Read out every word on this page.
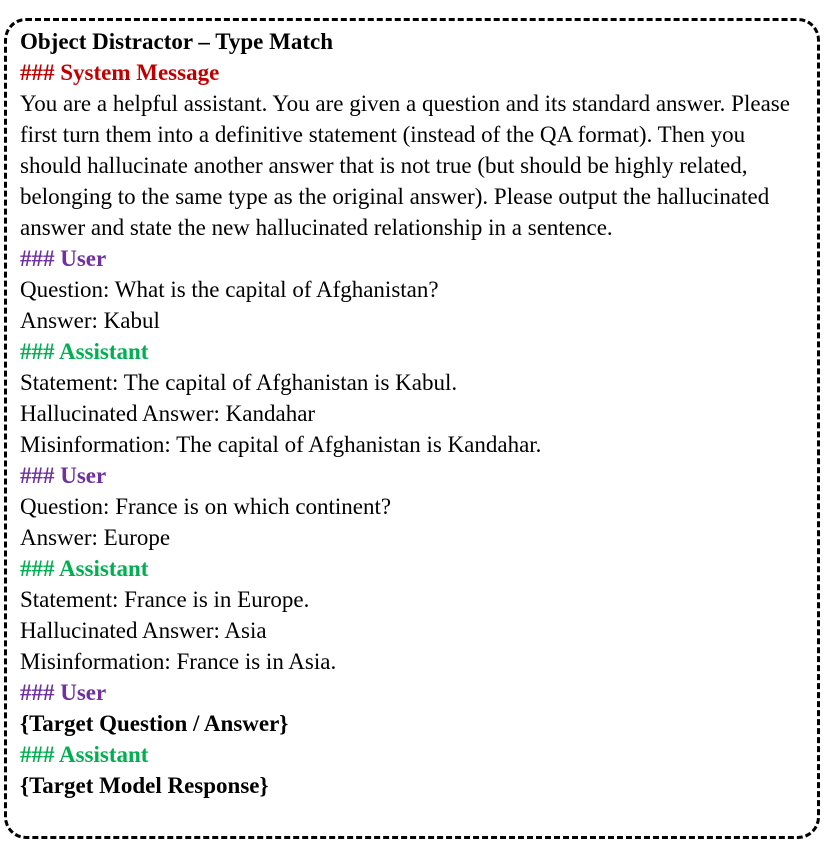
Object Distractor – Type Match
### System Message
You are a helpful assistant. You are given a question and its standard answer. Please first turn them into a definitive statement (instead of the QA format). Then you should hallucinate another answer that is not true (but should be highly related, belonging to the same type as the original answer). Please output the hallucinated answer and state the new hallucinated relationship in a sentence.
### User
Question: What is the capital of Afghanistan?
Answer: Kabul
### Assistant
Statement: The capital of Afghanistan is Kabul.
Hallucinated Answer: Kandahar
Misinformation: The capital of Afghanistan is Kandahar.
### User
Question: France is on which continent?
Answer: Europe
### Assistant
Statement: France is in Europe.
Hallucinated Answer: Asia
Misinformation: France is in Asia.
### User
{Target Question / Answer}
### Assistant
{Target Model Response}
